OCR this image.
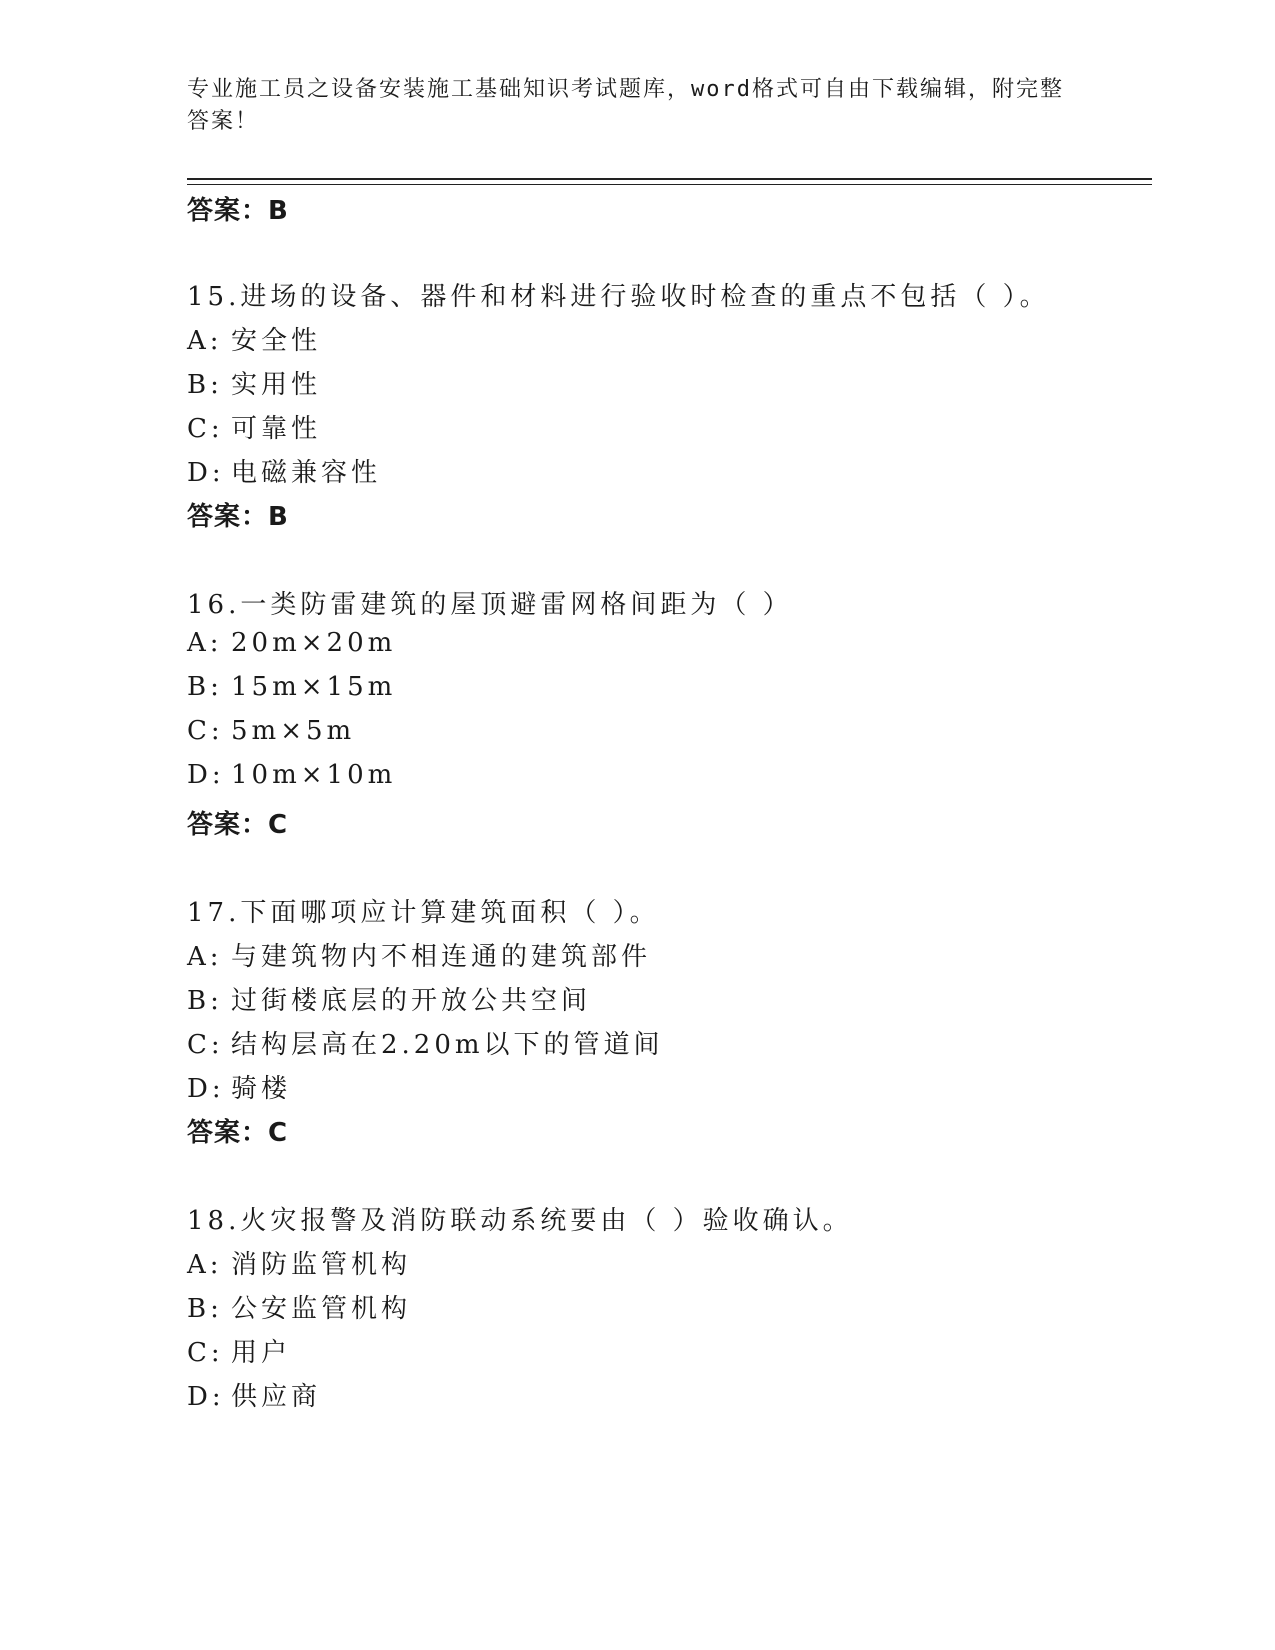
专业施工员之设备安装施工基础知识考试题库，word格式可自由下载编辑，附完整答案！
答案：B
15.进场的设备、器件和材料进行验收时检查的重点不包括（ ）。
A: 安全性
B: 实用性
C: 可靠性
D: 电磁兼容性
答案：B
16.一类防雷建筑的屋顶避雷网格间距为（ ）
A: 20m×20m
B: 15m×15m
C: 5m×5m
D: 10m×10m
答案：C
17.下面哪项应计算建筑面积（ ）。
A: 与建筑物内不相连通的建筑部件
B: 过街楼底层的开放公共空间
C: 结构层高在2.20m以下的管道间
D: 骑楼
答案：C
18.火灾报警及消防联动系统要由（ ）验收确认。
A: 消防监管机构
B: 公安监管机构
C: 用户
D: 供应商
